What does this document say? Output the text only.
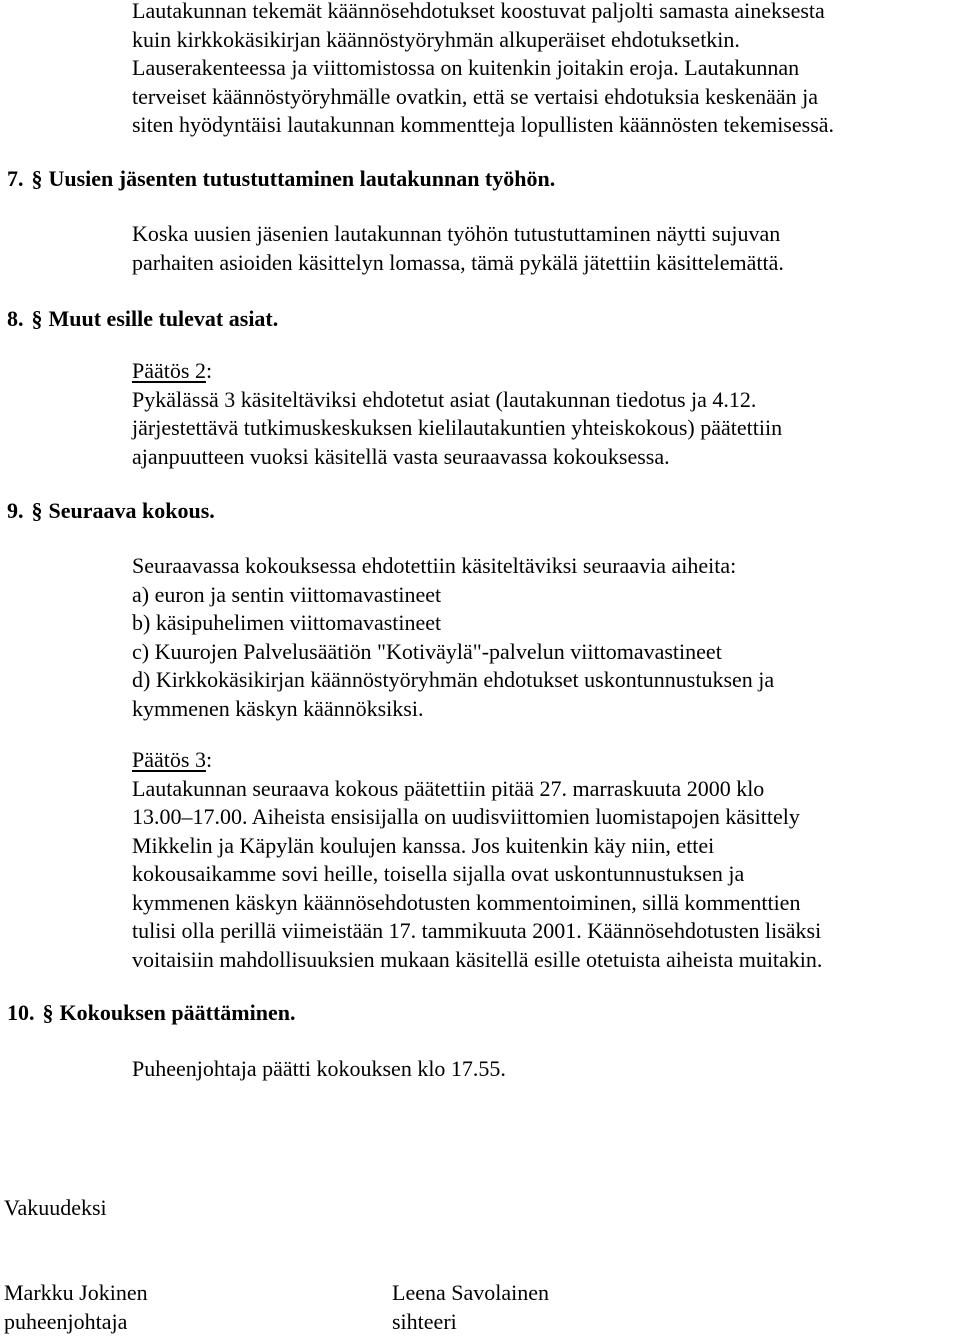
Lautakunnan tekemät käännösehdotukset koostuvat paljolti samasta aineksesta
kuin kirkkokäsikirjan käännöstyöryhmän alkuperäiset ehdotuksetkin.
Lauserakenteessa ja viittomistossa on kuitenkin joitakin eroja. Lautakunnan
terveiset käännöstyöryhmälle ovatkin, että se vertaisi ehdotuksia keskenään ja
siten hyödyntäisi lautakunnan kommentteja lopullisten käännösten tekemisessä.
7. § Uusien jäsenten tutustuttaminen lautakunnan työhön.
Koska uusien jäsenien lautakunnan työhön tutustuttaminen näytti sujuvan
parhaiten asioiden käsittelyn lomassa, tämä pykälä jätettiin käsittelemättä.
8. § Muut esille tulevat asiat.
Päätös 2:
Pykälässä 3 käsiteltäviksi ehdotetut asiat (lautakunnan tiedotus ja 4.12.
järjestettävä tutkimuskeskuksen kielilautakuntien yhteiskokous) päätettiin
ajanpuutteen vuoksi käsitellä vasta seuraavassa kokouksessa.
9. § Seuraava kokous.
Seuraavassa kokouksessa ehdotettiin käsiteltäviksi seuraavia aiheita:
a) euron ja sentin viittomavastineet
b) käsipuhelimen viittomavastineet
c) Kuurojen Palvelusäätiön "Kotiväylä"-palvelun viittomavastineet
d) Kirkkokäsikirjan käännöstyöryhmän ehdotukset uskontunnustuksen ja
kymmenen käskyn käännöksiksi.
Päätös 3:
Lautakunnan seuraava kokous päätettiin pitää 27. marraskuuta 2000 klo
13.00–17.00. Aiheista ensisijalla on uudisviittomien luomistapojen käsittely
Mikkelin ja Käpylän koulujen kanssa. Jos kuitenkin käy niin, ettei
kokousaikamme sovi heille, toisella sijalla ovat uskontunnustuksen ja
kymmenen käskyn käännösehdotusten kommentoiminen, sillä kommenttien
tulisi olla perillä viimeistään 17. tammikuuta 2001. Käännösehdotusten lisäksi
voitaisiin mahdollisuuksien mukaan käsitellä esille otetuista aiheista muitakin.
10. § Kokouksen päättäminen.
Puheenjohtaja päätti kokouksen klo 17.55.
Vakuudeksi
Markku Jokinen
puheenjohtaja
Leena Savolainen
sihteeri
